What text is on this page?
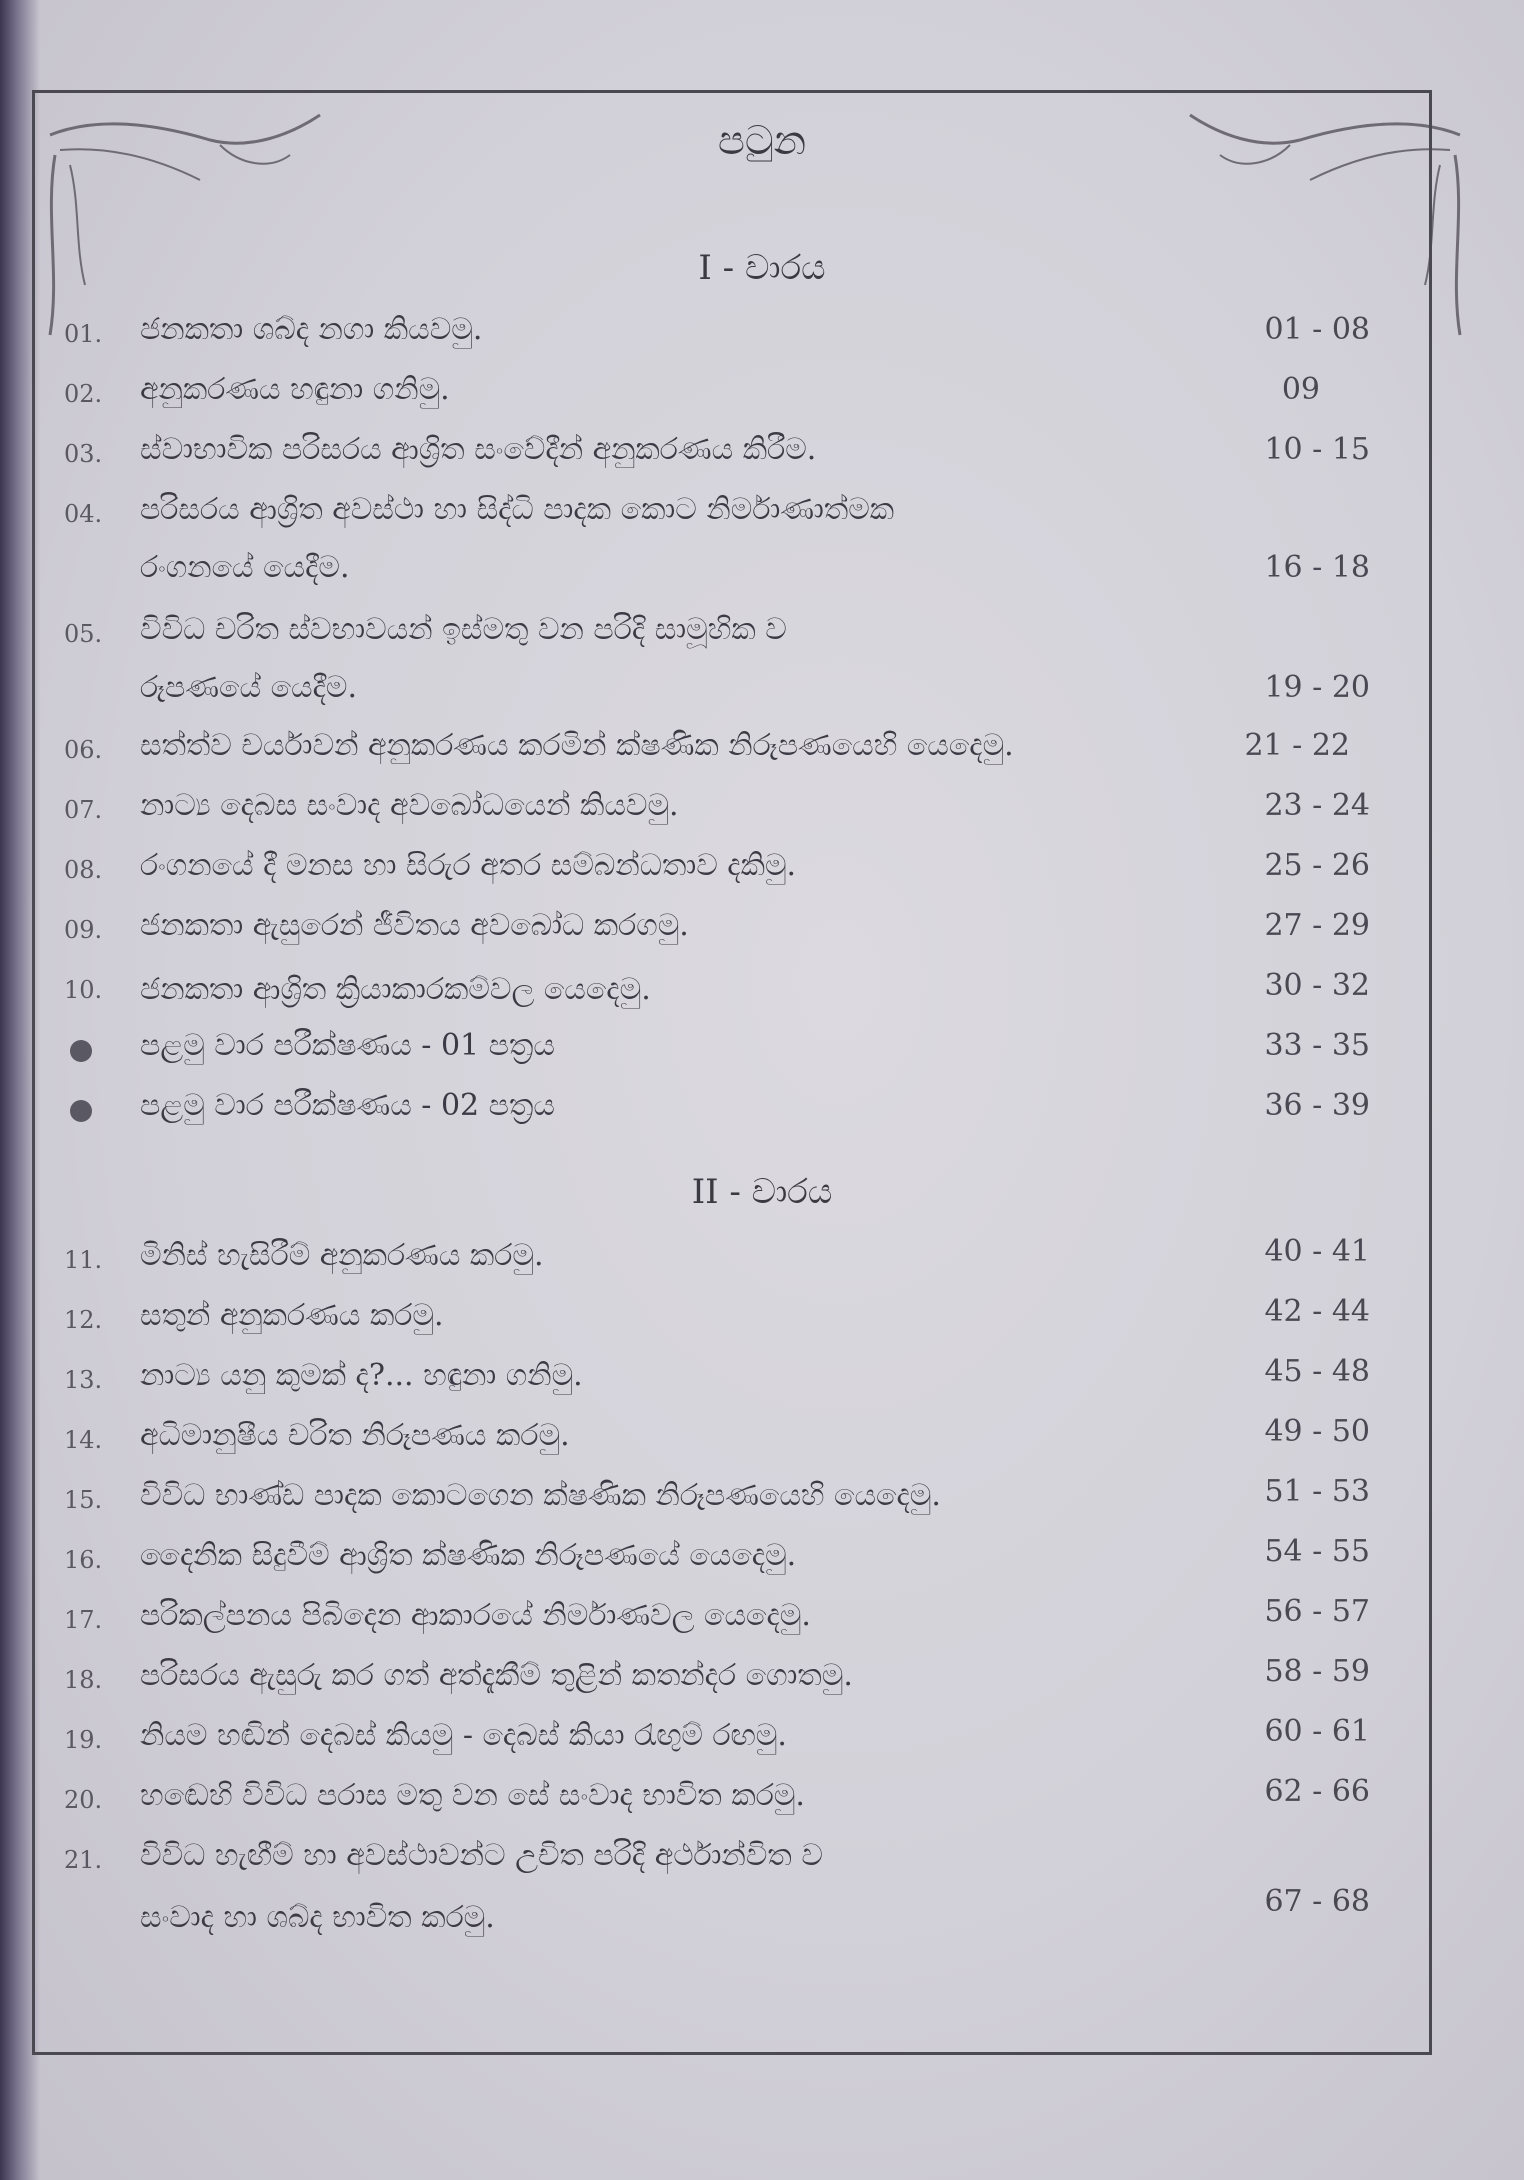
පටුන
I - වාරය
01.	ජනකතා ශබ්ද නගා කියවමු.	01 - 08
02.	අනුකරණය හඳුනා ගනිමු.	09
03.	ස්වාභාවික පරිසරය ආශ්‍රිත සංවේදීන් අනුකරණය කිරීම.	10 - 15
04.	පරිසරය ආශ්‍රිත අවස්ථා හා සිද්ධි පාදක කොට නිර්මාණාත්මක
රංගනයේ යෙදීම.	16 - 18
05.	විවිධ චරිත ස්වභාවයන් ඉස්මතු වන පරිදි සාමූහික ව
රූපණයේ යෙදීම.	19 - 20
06.	සත්ත්ව චර්යාවන් අනුකරණය කරමින් ක්ෂණික නිරූපණයෙහි යෙදෙමු.	21 - 22
07.	නාට්‍ය දෙබස සංවාද අවබෝධයෙන් කියවමු.	23 - 24
08.	රංගනයේ දී මනස හා සිරුර අතර සම්බන්ධතාව දකිමු.	25 - 26
09.	ජනකතා ඇසුරෙන් ජීවිතය අවබෝධ කරගමු.	27 - 29
10.	ජනකතා ආශ්‍රිත ක්‍රියාකාරකම්වල යෙදෙමු.	30 - 32
පළමු වාර පරීක්ෂණය - 01 පත්‍රය	33 - 35
පළමු වාර පරීක්ෂණය - 02 පත්‍රය	36 - 39
II - වාරය
11.	මිනිස් හැසිරීම් අනුකරණය කරමු.	40 - 41
12.	සතුන් අනුකරණය කරමු.	42 - 44
13.	නාට්‍ය යනු කුමක් ද?... හඳුනා ගනිමු.	45 - 48
14.	අධිමානුෂීය චරිත නිරූපණය කරමු.	49 - 50
15.	විවිධ භාණ්ඩ පාදක කොටගෙන ක්ෂණික නිරූපණයෙහි යෙදෙමු.	51 - 53
16.	දෛනික සිදුවීම් ආශ්‍රිත ක්ෂණික නිරූපණයේ යෙදෙමු.	54 - 55
17.	පරිකල්පනය පිබිදෙන ආකාරයේ නිර්මාණවල යෙදෙමු.	56 - 57
18.	පරිසරය ඇසුරු කර ගත් අත්දැකීම් තුළින් කතන්දර ගොතමු.	58 - 59
19.	නියම හඬින් දෙබස් කියමු - දෙබස් කියා රැඟුම් රඟමු.	60 - 61
20.	හඬෙහි විවිධ පරාස මතු වන සේ සංවාද භාවිත කරමු.	62 - 66
21.	විවිධ හැඟීම් හා අවස්ථාවන්ට උචිත පරිදි අර්ථාන්විත ව
සංවාද හා ශබ්ද භාවිත කරමු.	67 - 68
